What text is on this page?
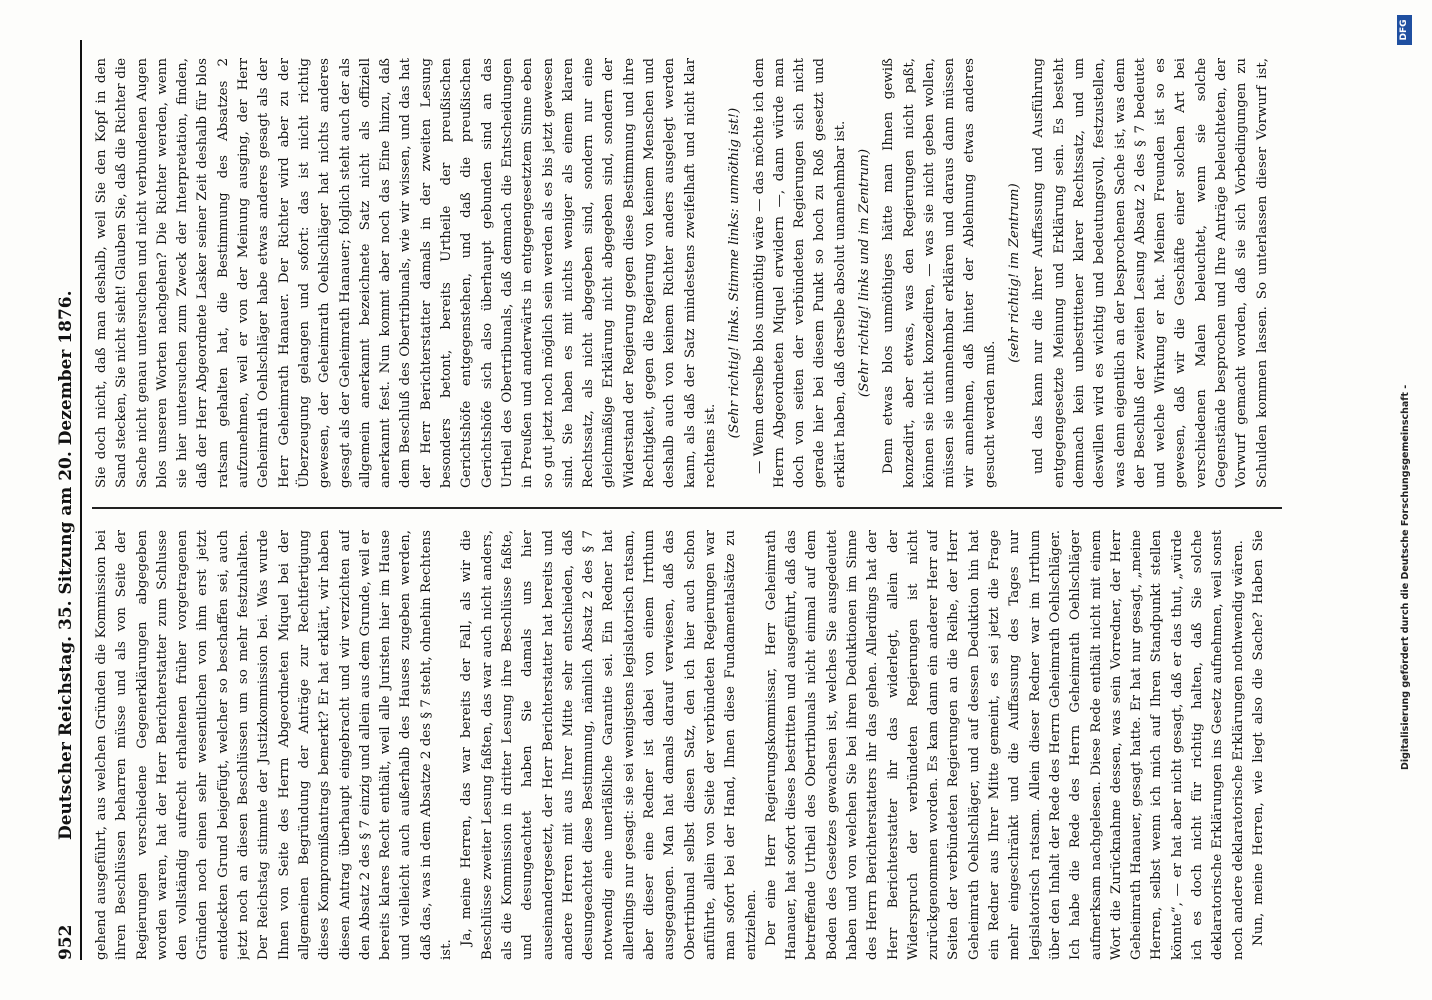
952
Deutscher Reichstag. 35. Sitzung am 20. Dezember 1876. gehend ausgeführt, aus welchen Gründen die Kommission bei ihren Beschlüssen beharren müsse und als von Seite der Regierungen verschiedene Gegenerklärungen abgegeben worden waren, hat der Herr Berichterstatter zum Schlusse den vollständig aufrecht erhaltenen früher vorgetragenen Gründen noch einen sehr wesentlichen von ihm erst jetzt entdeckten Grund beigefügt, welcher so beschaffen sei, auch jetzt noch an diesen Beschlüssen um so mehr festzuhalten. Der Reichstag stimmte der Justizkommission bei. Was wurde Ihnen von Seite des Herrn Abgeordneten Miquel bei der allgemeinen Begründung der Anträge zur Rechtfertigung dieses Kompromißantrags bemerkt? Er hat erklärt, wir haben diesen Antrag überhaupt eingebracht und wir verzichten auf den Absatz 2 des § 7 einzig und allein aus dem Grunde, weil er bereits klares Recht enthält, weil alle Juristen hier im Hause und vielleicht auch außerhalb des Hauses zugeben werden, daß das, was in dem Absatze 2 des § 7 steht, ohnehin Rechtens ist.

Ja, meine Herren, das war bereits der Fall, als wir die Beschlüsse zweiter Lesung faßten, das war auch nicht anders, als die Kommission in dritter Lesung ihre Beschlüsse faßte, und desungeachtet haben Sie damals uns hier auseinandergesetzt, der Herr Berichterstatter hat bereits und andere Herren mit aus Ihrer Mitte sehr entschieden, daß desungeachtet diese Bestimmung, nämlich Absatz 2 des § 7 notwendig eine unerläßliche Garantie sei. Ein Redner hat allerdings nur gesagt: sie sei wenigstens legislatorisch ratsam, aber dieser eine Redner ist dabei von einem Irrthum ausgegangen. Man hat damals darauf verwiesen, daß das Obertribunal selbst diesen Satz, den ich hier auch schon anführte, allein von Seite der verbündeten Regierungen war man sofort bei der Hand, Ihnen diese Fundamentalsätze zu entziehen. Der eine Herr Regierungskommissar, Herr Geheimrath Hanauer, hat sofort dieses bestritten und ausgeführt, daß das betreffende Urtheil des Obertribunals nicht einmal auf dem Boden des Gesetzes gewachsen ist, welches Sie ausgedeutet haben und von welchen Sie bei ihren Deduktionen im Sinne des Herrn Berichterstatters ihr das gehen. Allerdings hat der Herr Berichterstatter ihr das widerlegt, allein der Widerspruch der verbündeten Regierungen ist nicht zurückgenommen worden. Es kam dann ein anderer Herr auf Seiten der verbündeten Regierungen an die Reihe, der Herr Geheimrath Oehlschläger, und auf dessen Deduktion hin hat ein Redner aus Ihrer Mitte gemeint, es sei jetzt die Frage mehr eingeschränkt und die Auffassung des Tages nur legislatorisch ratsam. Allein dieser Redner war im Irrthum über den Inhalt der Rede des Herrn Geheimrath Oehlschläger. Ich habe die Rede des Herrn Geheimrath Oehlschläger aufmerksam nachgelesen. Diese Rede enthält nicht mit einem Wort die Zurücknahme dessen, was sein Vorredner, der Herr Geheimrath Hanauer, gesagt hatte. Er hat nur gesagt, „meine Herren, selbst wenn ich mich auf Ihren Standpunkt stellen könnte“, — er hat aber nicht gesagt, daß er das thut, „würde ich es doch nicht für richtig halten, daß Sie solche deklaratorische Erklärungen ins Gesetz aufnehmen, weil sonst noch andere deklaratorische Erklärungen nothwendig wären. Nun, meine Herren, wie liegt also die Sache? Haben Sie

Sie doch nicht, daß man deshalb, weil Sie den Kopf in den Sand stecken, Sie nicht sieht! Glauben Sie, daß die Richter die Sache nicht genau untersuchen und nicht verbundenen Augen blos unseren Worten nachgehen? Die Richter werden, wenn sie hier untersuchen zum Zweck der Interpretation, finden, daß der Herr Abgeordnete Lasker seiner Zeit deshalb für blos ratsam gehalten hat, die Bestimmung des Absatzes 2 aufzunehmen, weil er von der Meinung ausging, der Herr Geheimrath Oehlschläger habe etwas anderes gesagt als der Herr Geheimrath Hanauer. Der Richter wird aber zu der Überzeugung gelangen und sofort: das ist nicht richtig gewesen, der Geheimrath Oehlschläger hat nichts anderes gesagt als der Geheimrath Hanauer; folglich steht auch der als allgemein anerkannt bezeichnete Satz nicht als offiziell anerkannt fest. Nun kommt aber noch das Eine hinzu, daß dem Beschluß des Obertribunals, wie wir wissen, und das hat der Herr Berichterstatter damals in der zweiten Lesung besonders betont, bereits Urtheile der preußischen Gerichtshöfe entgegenstehen, und daß die preußischen Gerichtshöfe sich also überhaupt gebunden sind an das Urtheil des Obertribunals, daß demnach die Entscheidungen in Preußen und anderwärts in entgegengesetztem Sinne eben so gut jetzt noch möglich sein werden als es bis jetzt gewesen sind. Sie haben es mit nichts weniger als einem klaren Rechtssatz, als nicht abgegeben sind, sondern nur eine gleichmäßige Erklärung nicht abgegeben sind, sondern der Widerstand der Regierung gegen diese Bestimmung und ihre Rechtigkeit, gegen die Regierung von keinem Menschen und deshalb auch von keinem Richter anders ausgelegt werden kann, als daß der Satz mindestens zweifelhaft und nicht klar rechtens ist.

(Sehr richtig! links. Stimme links: unmöthig ist!) — Wenn derselbe blos unmöthig wäre — das möchte ich dem Herrn Abgeordneten Miquel erwidern —, dann würde man doch von seiten der verbündeten Regierungen sich nicht gerade hier bei diesem Punkt so hoch zu Roß gesetzt und erklärt haben, daß derselbe absolut unannehmbar ist. (Sehr richtig! links und im Zentrum) Denn etwas blos unmöthiges hätte man Ihnen gewiß konzedirt, aber etwas, was den Regierungen nicht paßt, können sie nicht konzediren, — was sie nicht geben wollen, müssen sie unannehmbar erklären und daraus dann müssen wir annehmen, daß hinter der Ablehnung etwas anderes gesucht werden muß.

(sehr richtig! im Zentrum)

und das kann nur die ihrer Auffassung und Ausführung entgegengesetzte Meinung und Erklärung sein. Es besteht demnach kein unbestrittener klarer Rechtssatz, und um deswillen wird es wichtig und bedeutungsvoll, festzustellen, was denn eigentlich an der besprochenen Sache ist, was denn der Beschluß der zweiten Lesung Absatz 2 des § 7 bedeutet und welche Wirkung er hat. Meinen Freunden ist so es gewesen, daß wir die Geschäfte einer solchen Art bei verschiedenen Malen beleuchtet, wenn sie solche Gegenstände besprochen und Ihre Anträge beleuchteten, der Vorwurf gemacht worden, daß sie sich Vorbedingungen zu Schulden kommen lassen. So unterlassen dieser Vorwurf ist,

Digitalisierung gefördert durch die Deutsche Forschungsgemeinschaft -
DFG
